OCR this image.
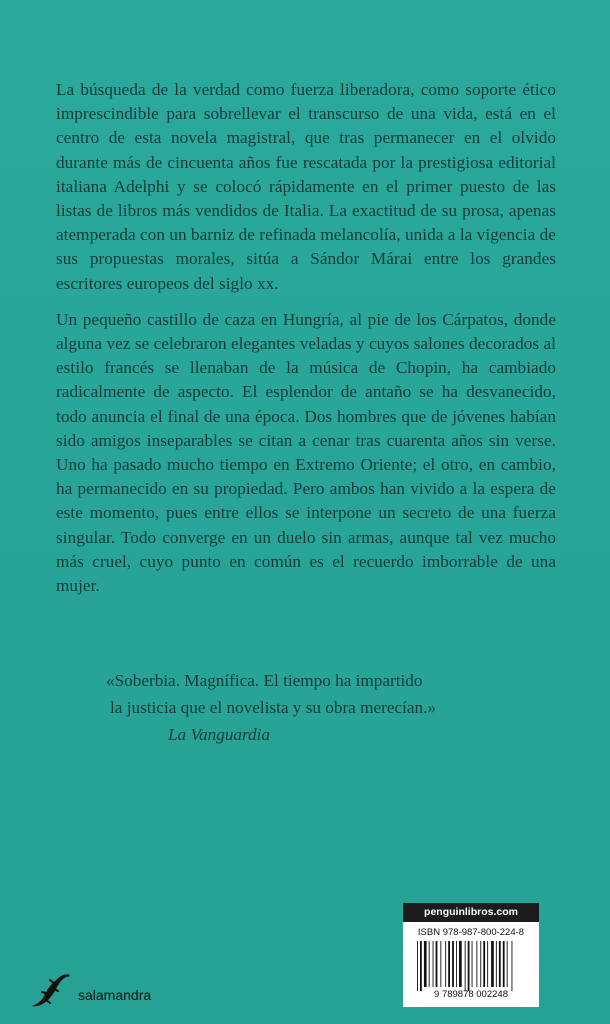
La búsqueda de la verdad como fuerza liberadora, como soporte ético imprescindible para sobrellevar el transcurso de una vida, está en el centro de esta novela magistral, que tras permanecer en el olvido durante más de cincuenta años fue rescatada por la prestigiosa editorial italiana Adelphi y se colocó rápidamente en el primer puesto de las listas de libros más vendidos de Italia. La exactitud de su prosa, apenas atemperada con un barniz de refinada melancolía, unida a la vigencia de sus propuestas morales, sitúa a Sándor Márai entre los grandes escritores europeos del siglo xx.

Un pequeño castillo de caza en Hungría, al pie de los Cárpatos, donde alguna vez se celebraron elegantes veladas y cuyos salones decorados al estilo francés se llenaban de la música de Chopin, ha cambiado radicalmente de aspecto. El esplendor de antaño se ha desvanecido, todo anuncia el final de una época. Dos hombres que de jóvenes habían sido amigos inseparables se citan a cenar tras cuarenta años sin verse. Uno ha pasado mucho tiempo en Extremo Oriente; el otro, en cambio, ha permanecido en su propiedad. Pero ambos han vivido a la espera de este momento, pues entre ellos se interpone un secreto de una fuerza singular. Todo converge en un duelo sin armas, aunque tal vez mucho más cruel, cuyo punto en común es el recuerdo imborrable de una mujer.

«Soberbia. Magnífica. El tiempo ha impartido
la justicia que el novelista y su obra merecían.»
La Vanguardia
penguinlibros.com
ISBN 978-987-800-224-8
9 789878 002248
salamandra
